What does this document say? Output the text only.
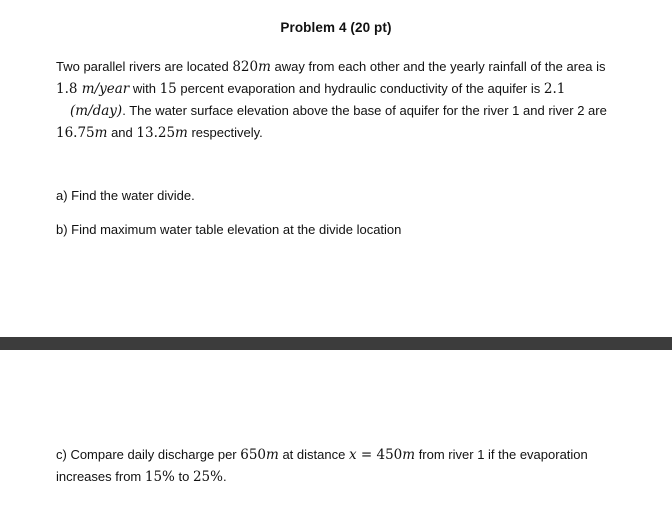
Problem 4 (20 pt)
Two parallel rivers are located 820m away from each other and the yearly rainfall of the area is
1.8 m/year with 15 percent evaporation and hydraulic conductivity of the aquifer is 2.1
(m/day). The water surface elevation above the base of aquifer for the river 1 and river 2 are
16.75m and 13.25m respectively.
a) Find the water divide.
b) Find maximum water table elevation at the divide location
c) Compare daily discharge per 650m at distance x = 450m from river 1 if the evaporation
increases from 15% to 25%.
